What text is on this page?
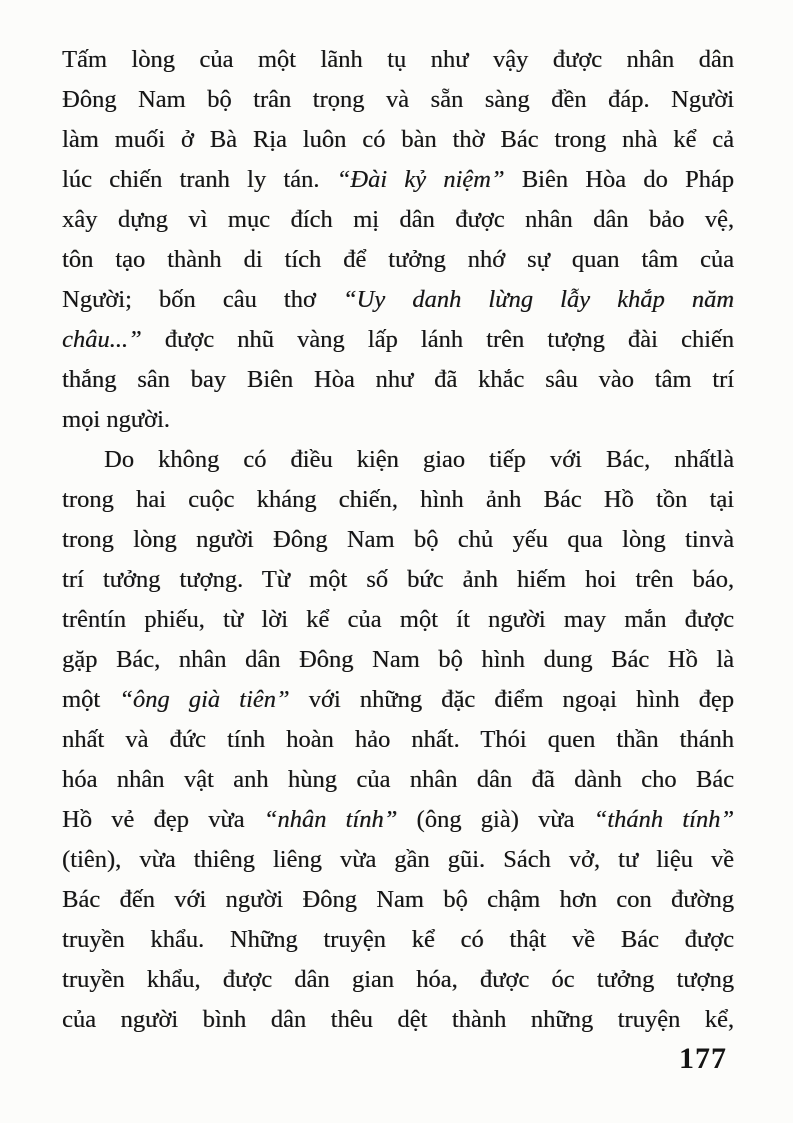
Tấm lòng của một lãnh tụ như vậy được nhân dân
Đông Nam bộ trân trọng và sẵn sàng đền đáp. Người
làm muối ở Bà Rịa luôn có bàn thờ Bác trong nhà kể cả
lúc chiến tranh ly tán. “Đài kỷ niệm” Biên Hòa do Pháp
xây dựng vì mục đích mị dân được nhân dân bảo vệ,
tôn tạo thành di tích để tưởng nhớ sự quan tâm của
Người; bốn câu thơ “Uy danh lừng lẫy khắp năm
châu...” được nhũ vàng lấp lánh trên tượng đài chiến
thắng sân bay Biên Hòa như đã khắc sâu vào tâm trí
mọi người.
Do không có điều kiện giao tiếp với Bác, nhấtlà
trong hai cuộc kháng chiến, hình ảnh Bác Hồ tồn tại
trong lòng người Đông Nam bộ chủ yếu qua lòng tinvà
trí tưởng tượng. Từ một số bức ảnh hiếm hoi trên báo,
trêntín phiếu, từ lời kể của một ít người may mắn được
gặp Bác, nhân dân Đông Nam bộ hình dung Bác Hồ là
một “ông già tiên” với những đặc điểm ngoại hình đẹp
nhất và đức tính hoàn hảo nhất. Thói quen thần thánh
hóa nhân vật anh hùng của nhân dân đã dành cho Bác
Hồ vẻ đẹp vừa “nhân tính” (ông già) vừa “thánh tính”
(tiên), vừa thiêng liêng vừa gần gũi. Sách vở, tư liệu về
Bác đến với người Đông Nam bộ chậm hơn con đường
truyền khẩu. Những truyện kể có thật về Bác được
truyền khẩu, được dân gian hóa, được óc tưởng tượng
của người bình dân thêu dệt thành những truyện kể,
177
